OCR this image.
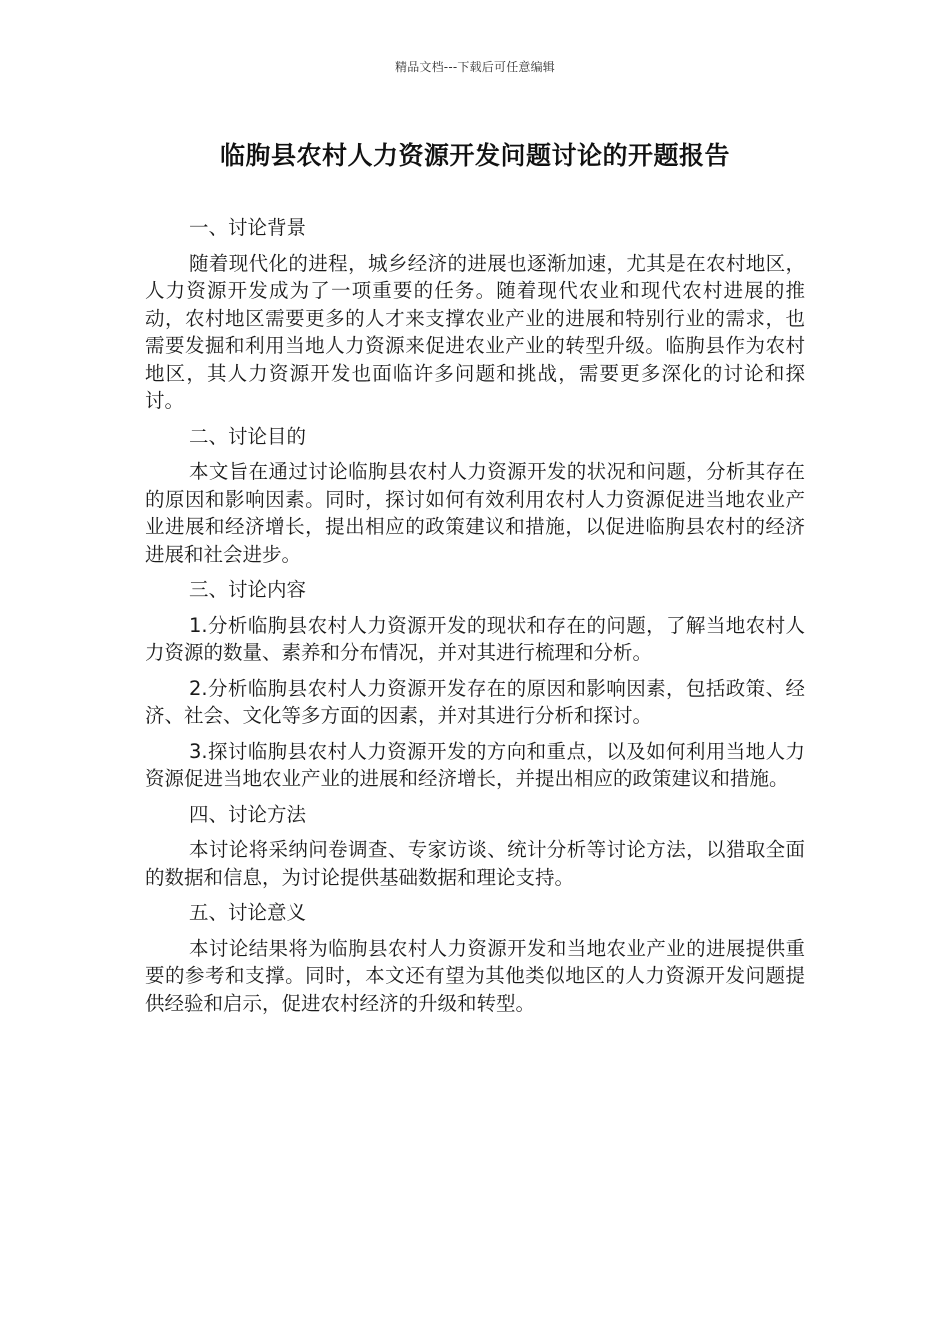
精品文档---下载后可任意编辑
临朐县农村人力资源开发问题讨论的开题报告
一、讨论背景

随着现代化的进程，城乡经济的进展也逐渐加速，尤其是在农村地区，人力资源开发成为了一项重要的任务。随着现代农业和现代农村进展的推动，农村地区需要更多的人才来支撑农业产业的进展和特别行业的需求，也需要发掘和利用当地人力资源来促进农业产业的转型升级。临朐县作为农村地区，其人力资源开发也面临许多问题和挑战，需要更多深化的讨论和探讨。

二、讨论目的

本文旨在通过讨论临朐县农村人力资源开发的状况和问题，分析其存在的原因和影响因素。同时，探讨如何有效利用农村人力资源促进当地农业产业进展和经济增长，提出相应的政策建议和措施，以促进临朐县农村的经济进展和社会进步。

三、讨论内容

1.分析临朐县农村人力资源开发的现状和存在的问题，了解当地农村人力资源的数量、素养和分布情况，并对其进行梳理和分析。

2.分析临朐县农村人力资源开发存在的原因和影响因素，包括政策、经济、社会、文化等多方面的因素，并对其进行分析和探讨。

3.探讨临朐县农村人力资源开发的方向和重点，以及如何利用当地人力资源促进当地农业产业的进展和经济增长，并提出相应的政策建议和措施。

四、讨论方法

本讨论将采纳问卷调查、专家访谈、统计分析等讨论方法，以猎取全面的数据和信息，为讨论提供基础数据和理论支持。

五、讨论意义

本讨论结果将为临朐县农村人力资源开发和当地农业产业的进展提供重要的参考和支撑。同时，本文还有望为其他类似地区的人力资源开发问题提供经验和启示，促进农村经济的升级和转型。
